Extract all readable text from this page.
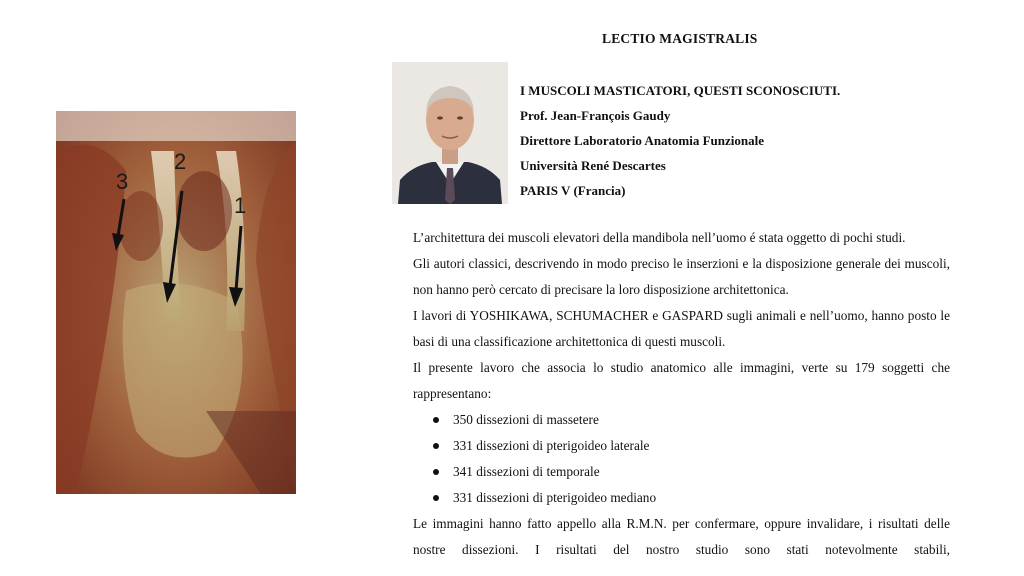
3
2
1
LECTIO MAGISTRALIS
I MUSCOLI MASTICATORI, QUESTI SCONOSCIUTI.
Prof. Jean-François Gaudy
Direttore Laboratorio Anatomia Funzionale
Università René Descartes
PARIS V (Francia)
L’architettura dei muscoli elevatori della mandibola nell’uomo é stata oggetto di pochi studi.
Gli autori classici, descrivendo in modo preciso le inserzioni e la disposizione generale dei muscoli, non hanno però cercato di precisare la loro disposizione architettonica.
I lavori di YOSHIKAWA, SCHUMACHER e GASPARD sugli animali e nell’uomo, hanno posto le basi di una classificazione architettonica di questi muscoli.
Il presente lavoro che associa lo studio anatomico alle immagini, verte su 179 soggetti che rappresentano:
350 dissezioni di massetere
331 dissezioni di pterigoideo laterale
341 dissezioni di temporale
331 dissezioni di pterigoideo mediano
Le immagini hanno fatto appello alla R.M.N. per confermare, oppure invalidare, i risultati delle nostre dissezioni. I risultati del nostro studio sono stati notevolmente stabili,
